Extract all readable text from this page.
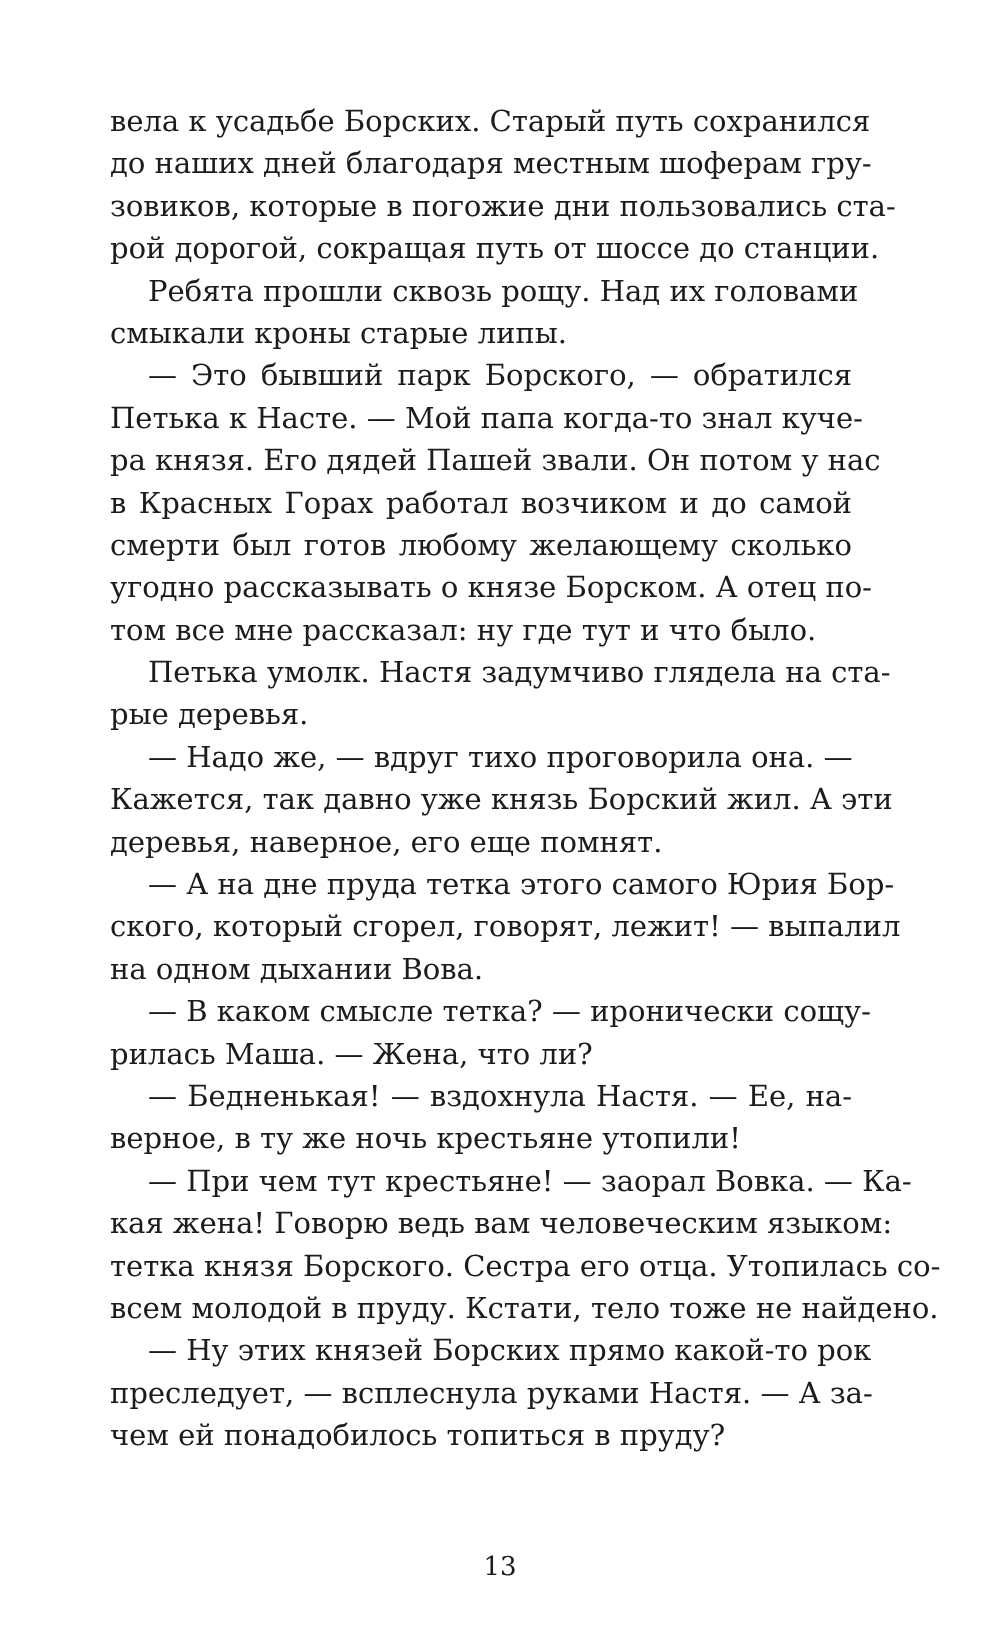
вела к усадьбе Борских. Старый путь сохранился
до наших дней благодаря местным шоферам гру-
зовиков, которые в погожие дни пользовались ста-
рой дорогой, сокращая путь от шоссе до станции.
Ребята прошли сквозь рощу. Над их головами
смыкали кроны старые липы.
— Это бывший парк Борского, — обратился
Петька к Насте. — Мой папа когда-то знал куче-
ра князя. Его дядей Пашей звали. Он потом у нас
в Красных Горах работал возчиком и до самой
смерти был готов любому желающему сколько
угодно рассказывать о князе Борском. А отец по-
том все мне рассказал: ну где тут и что было.
Петька умолк. Настя задумчиво глядела на ста-
рые деревья.
— Надо же, — вдруг тихо проговорила она. —
Кажется, так давно уже князь Борский жил. А эти
деревья, наверное, его еще помнят.
— А на дне пруда тетка этого самого Юрия Бор-
ского, который сгорел, говорят, лежит! — выпалил
на одном дыхании Вова.
— В каком смысле тетка? — иронически сощу-
рилась Маша. — Жена, что ли?
— Бедненькая! — вздохнула Настя. — Ее, на-
верное, в ту же ночь крестьяне утопили!
— При чем тут крестьяне! — заорал Вовка. — Ка-
кая жена! Говорю ведь вам человеческим языком:
тетка князя Борского. Сестра его отца. Утопилась со-
всем молодой в пруду. Кстати, тело тоже не найдено.
— Ну этих князей Борских прямо какой-то рок
преследует, — всплеснула руками Настя. — А за-
чем ей понадобилось топиться в пруду?
13
